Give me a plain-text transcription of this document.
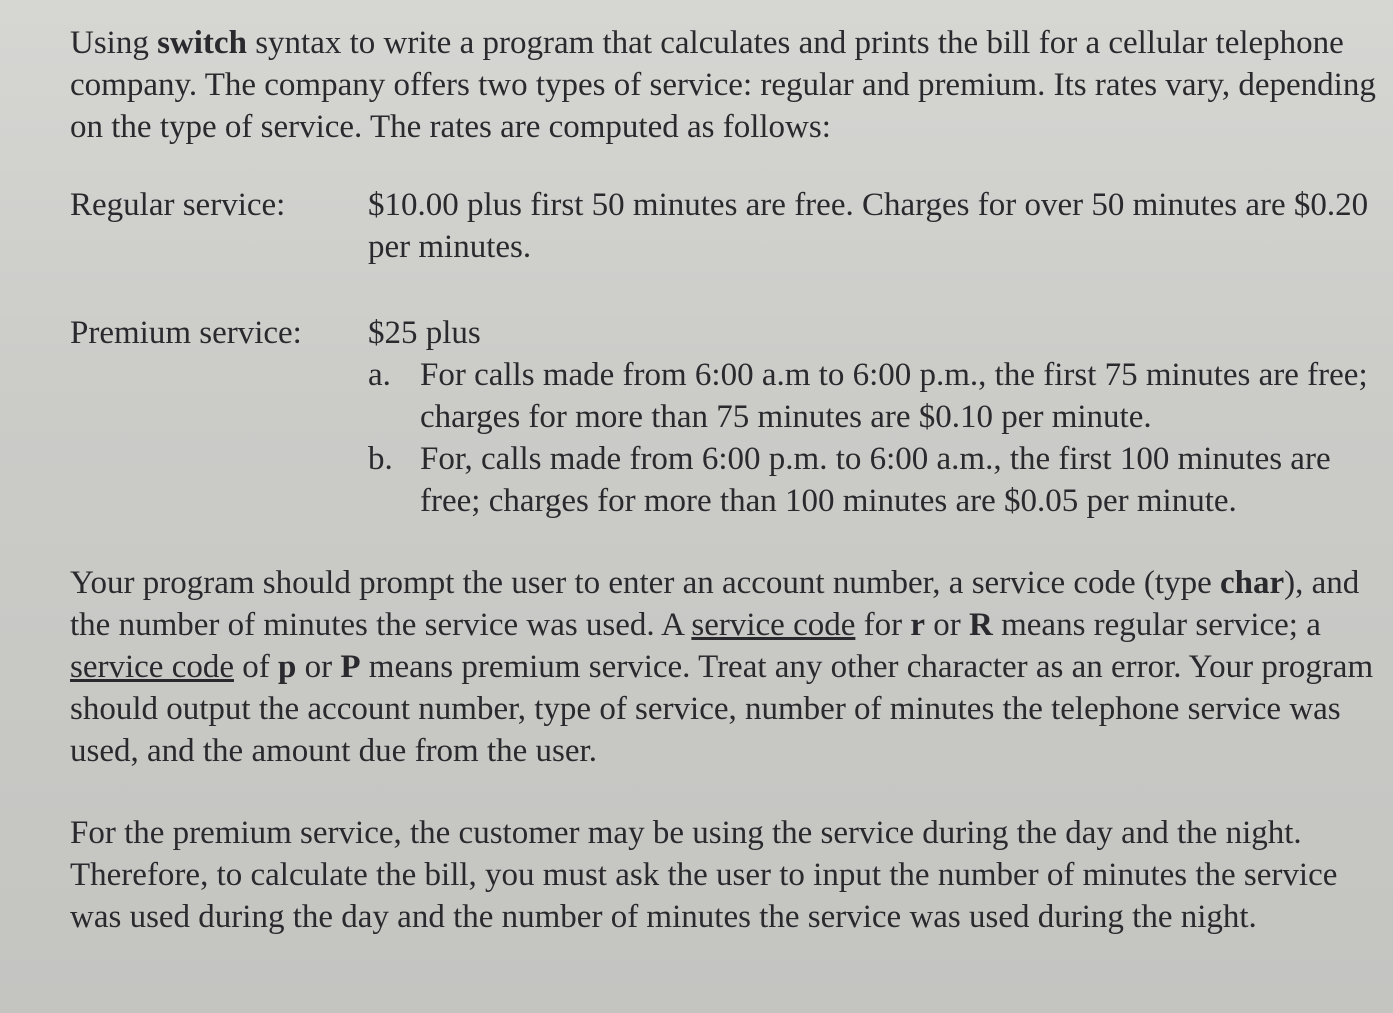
Using switch syntax to write a program that calculates and prints the bill for a cellular telephone company. The company offers two types of service: regular and premium. Its rates vary, depending on the type of service. The rates are computed as follows:

Regular service:	$10.00 plus first 50 minutes are free. Charges for over 50 minutes are $0.20 per minutes.
Premium service:	$25 plus
a. For calls made from 6:00 a.m to 6:00 p.m., the first 75 minutes are free; charges for more than 75 minutes are $0.10 per minute.
b. For, calls made from 6:00 p.m. to 6:00 a.m., the first 100 minutes are free; charges for more than 100 minutes are $0.05 per minute.

Your program should prompt the user to enter an account number, a service code (type char), and the number of minutes the service was used. A service code for r or R means regular service; a service code of p or P means premium service. Treat any other character as an error. Your program should output the account number, type of service, number of minutes the telephone service was used, and the amount due from the user.

For the premium service, the customer may be using the service during the day and the night. Therefore, to calculate the bill, you must ask the user to input the number of minutes the service was used during the day and the number of minutes the service was used during the night.
